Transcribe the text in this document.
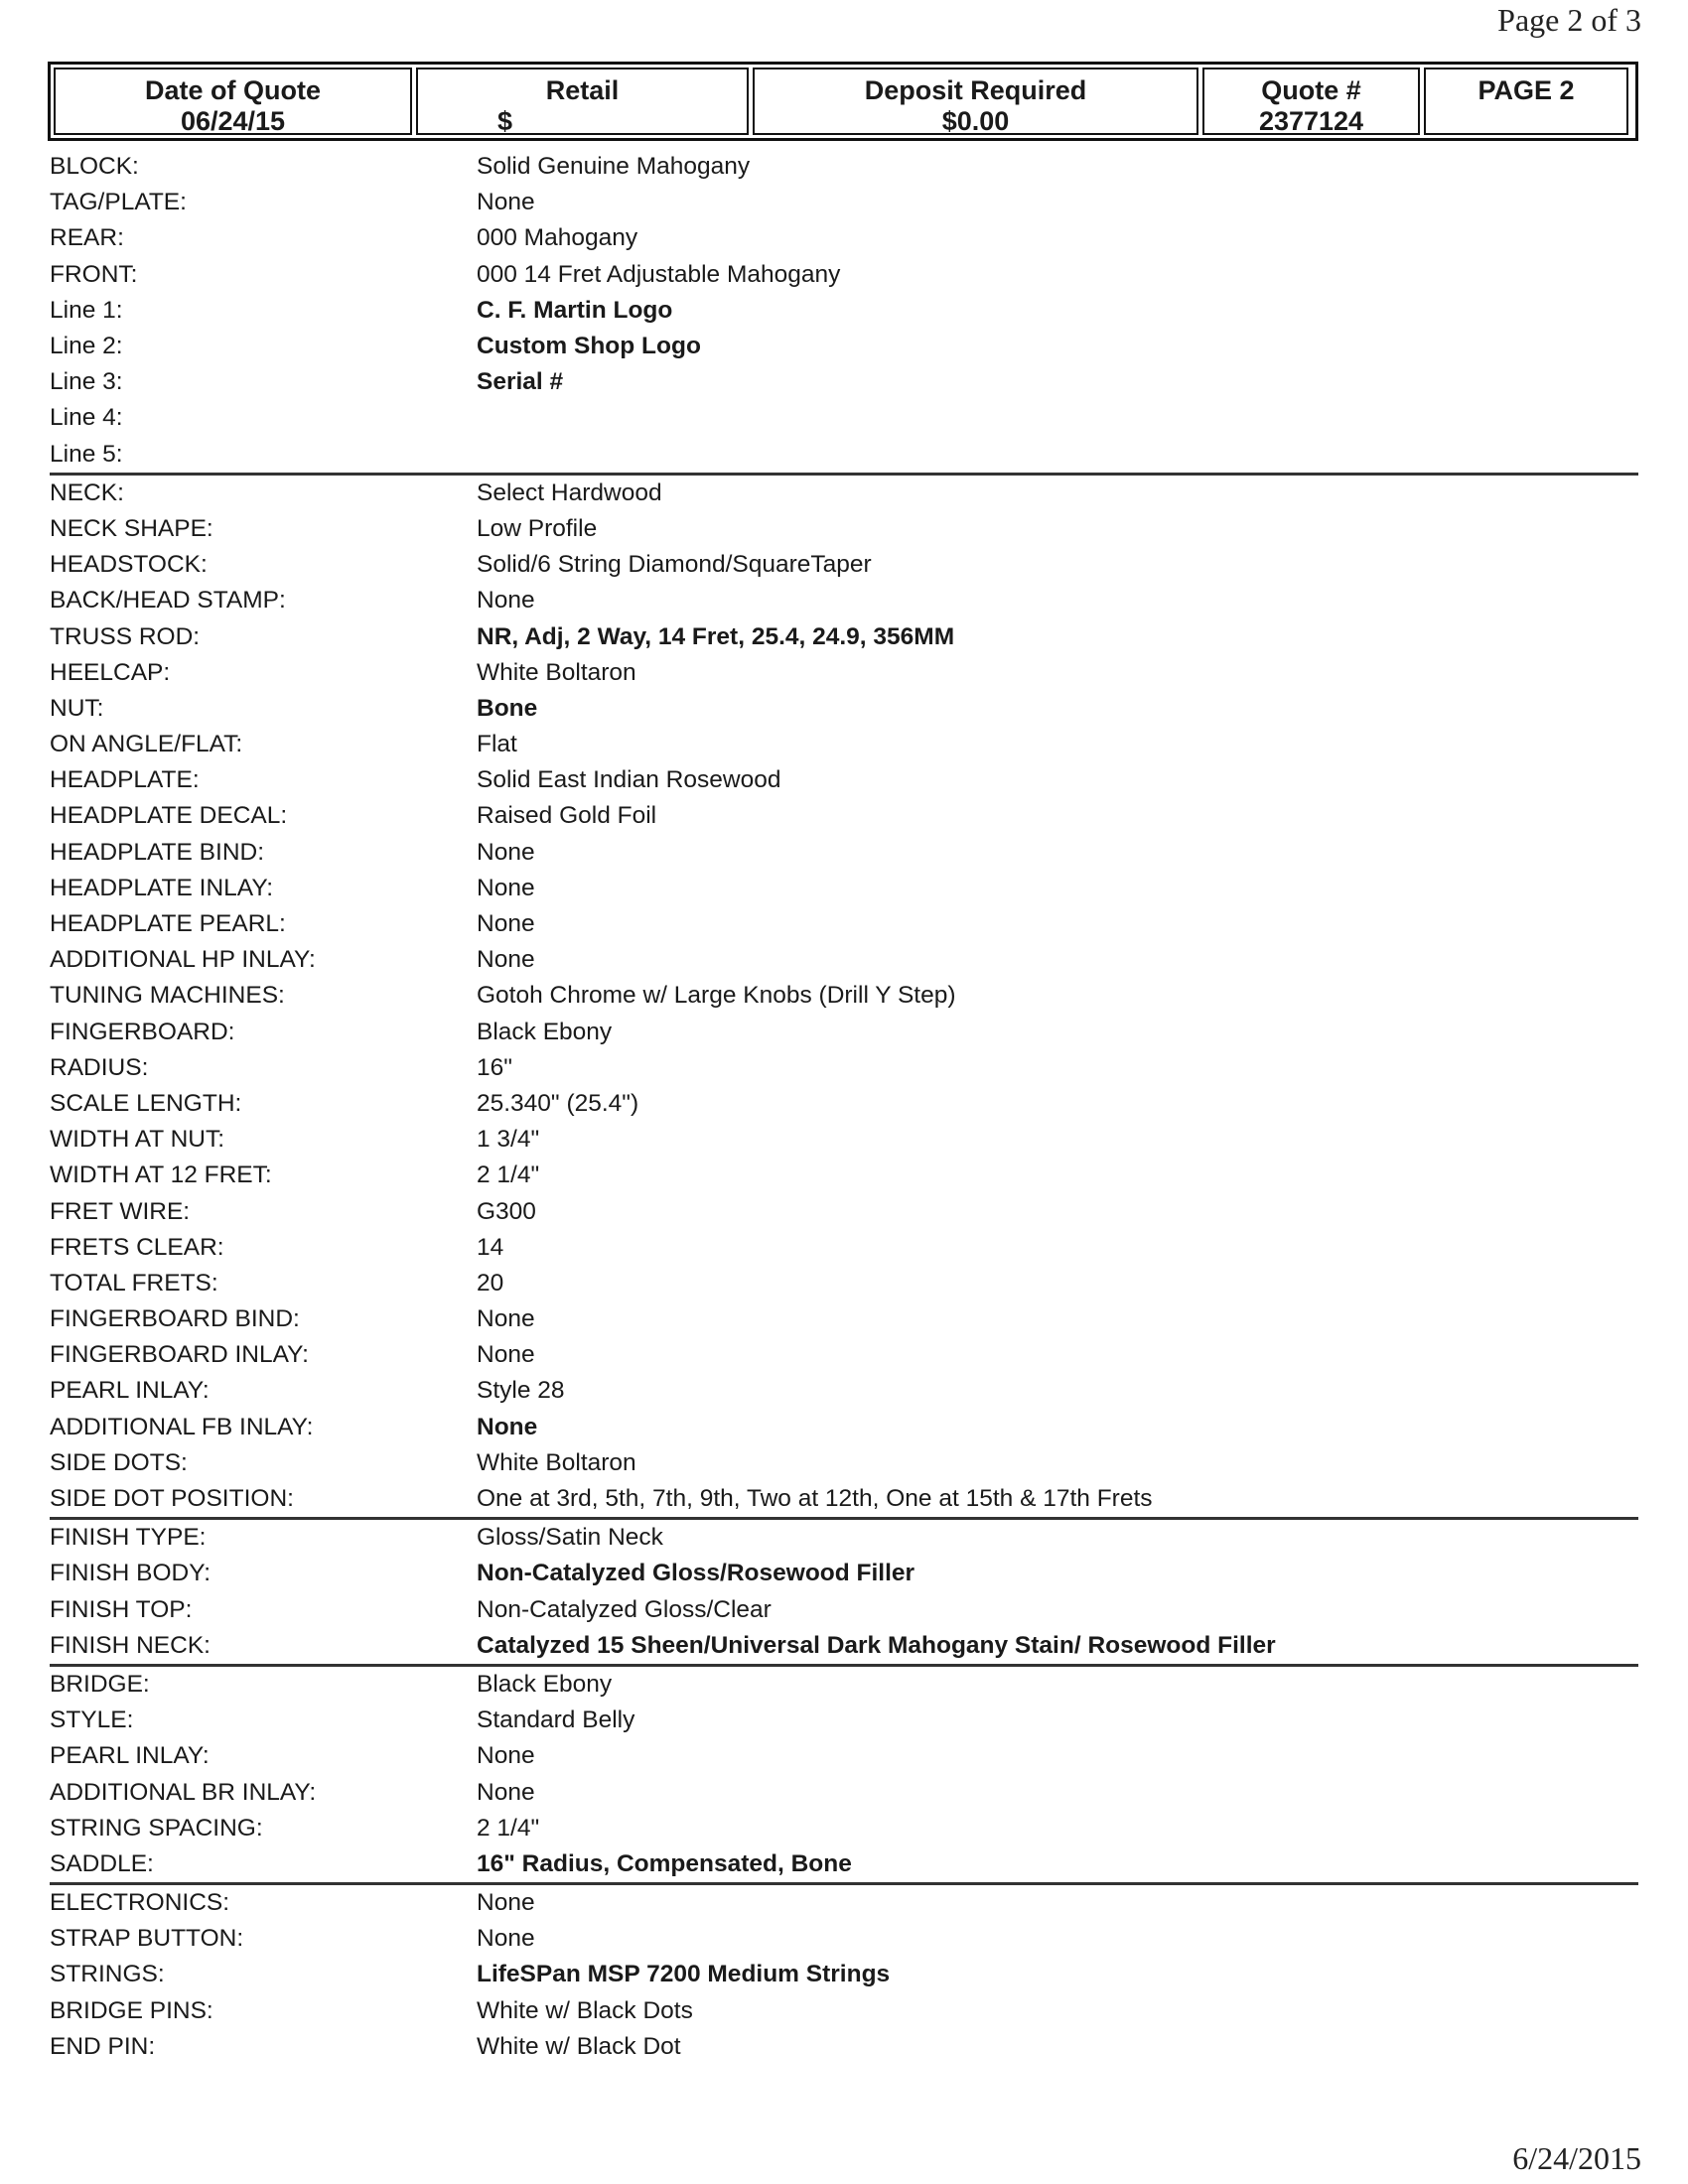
Page 2 of 3
Date of Quote
06/24/15
Retail
$
Deposit Required
$0.00
Quote #
2377124
PAGE 2
BLOCK:	Solid Genuine Mahogany
TAG/PLATE:	None
REAR:	000 Mahogany
FRONT:	000 14 Fret Adjustable Mahogany
Line 1:	C. F. Martin Logo
Line 2:	Custom Shop Logo
Line 3:	Serial #
Line 4:
Line 5:
NECK:	Select Hardwood
NECK SHAPE:	Low Profile
HEADSTOCK:	Solid/6 String Diamond/SquareTaper
BACK/HEAD STAMP:	None
TRUSS ROD:	NR, Adj, 2 Way, 14 Fret, 25.4, 24.9, 356MM
HEELCAP:	White Boltaron
NUT:	Bone
ON ANGLE/FLAT:	Flat
HEADPLATE:	Solid East Indian Rosewood
HEADPLATE DECAL:	Raised Gold Foil
HEADPLATE BIND:	None
HEADPLATE INLAY:	None
HEADPLATE PEARL:	None
ADDITIONAL HP INLAY:	None
TUNING MACHINES:	Gotoh Chrome w/ Large Knobs (Drill Y Step)
FINGERBOARD:	Black Ebony
RADIUS:	16"
SCALE LENGTH:	25.340" (25.4")
WIDTH AT NUT:	1 3/4"
WIDTH AT 12 FRET:	2 1/4"
FRET WIRE:	G300
FRETS CLEAR:	14
TOTAL FRETS:	20
FINGERBOARD BIND:	None
FINGERBOARD INLAY:	None
PEARL INLAY:	Style 28
ADDITIONAL FB INLAY:	None
SIDE DOTS:	White Boltaron
SIDE DOT POSITION:	One at 3rd, 5th, 7th, 9th, Two at 12th, One at 15th & 17th Frets
FINISH TYPE:	Gloss/Satin Neck
FINISH BODY:	Non-Catalyzed Gloss/Rosewood Filler
FINISH TOP:	Non-Catalyzed Gloss/Clear
FINISH NECK:	Catalyzed 15 Sheen/Universal Dark Mahogany Stain/ Rosewood Filler
BRIDGE:	Black Ebony
STYLE:	Standard Belly
PEARL INLAY:	None
ADDITIONAL BR INLAY:	None
STRING SPACING:	2 1/4"
SADDLE:	16" Radius, Compensated, Bone
ELECTRONICS:	None
STRAP BUTTON:	None
STRINGS:	LifeSPan MSP 7200 Medium Strings
BRIDGE PINS:	White w/ Black Dots
END PIN:	White w/ Black Dot
6/24/2015
